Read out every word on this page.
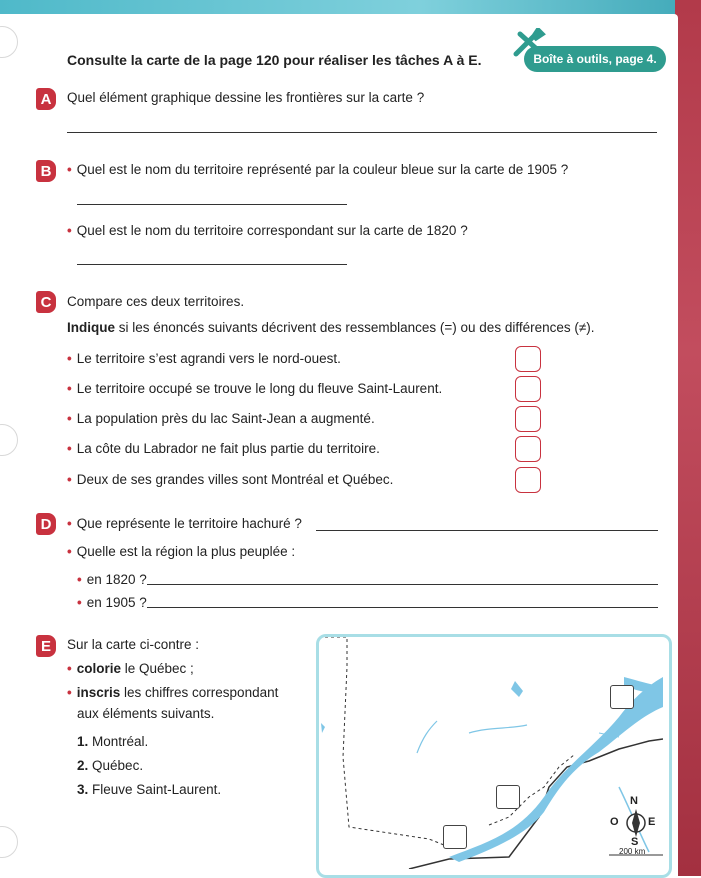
Consulte la carte de la page 120 pour réaliser les tâches A à E.	Boîte à outils, page 4.
A	Quel élément graphique dessine les frontières sur la carte ?
B	• Quel est le nom du territoire représenté par la couleur bleue sur la carte de 1905 ?
• Quel est le nom du territoire correspondant sur la carte de 1820 ?
C	Compare ces deux territoires.
Indique si les énoncés suivants décrivent des ressemblances (=) ou des différences (≠).
• Le territoire s’est agrandi vers le nord-ouest.
• Le territoire occupé se trouve le long du fleuve Saint-Laurent.
• La population près du lac Saint-Jean a augmenté.
• La côte du Labrador ne fait plus partie du territoire.
• Deux de ses grandes villes sont Montréal et Québec.
D	• Que représente le territoire hachuré ?
• Quelle est la région la plus peuplée :
• en 1820 ?
• en 1905 ?
E	Sur la carte ci-contre :
• colorie le Québec ;
• inscris les chiffres correspondant
aux éléments suivants.
1. Montréal.
2. Québec.
3. Fleuve Saint-Laurent.
N
S
E
O
200 km
